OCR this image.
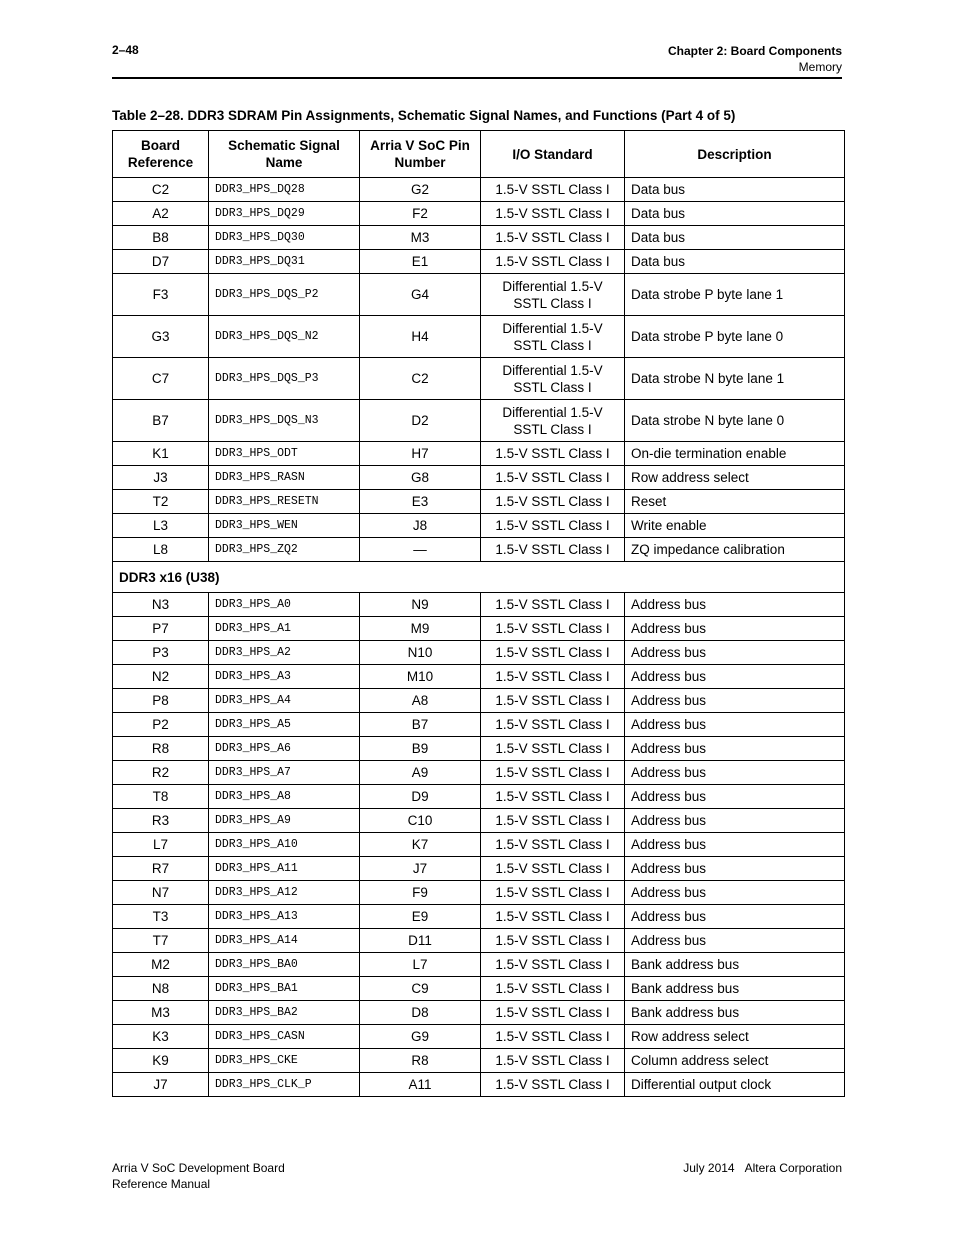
2–48	Chapter 2: Board Components
Memory
Table 2–28. DDR3 SDRAM Pin Assignments, Schematic Signal Names, and Functions (Part 4 of 5)
Board Reference	Schematic Signal Name	Arria V SoC Pin Number	I/O Standard	Description
C2	DDR3_HPS_DQ28	G2	1.5-V SSTL Class I	Data bus
A2	DDR3_HPS_DQ29	F2	1.5-V SSTL Class I	Data bus
B8	DDR3_HPS_DQ30	M3	1.5-V SSTL Class I	Data bus
D7	DDR3_HPS_DQ31	E1	1.5-V SSTL Class I	Data bus
F3	DDR3_HPS_DQS_P2	G4	Differential 1.5-V SSTL Class I	Data strobe P byte lane 1
G3	DDR3_HPS_DQS_N2	H4	Differential 1.5-V SSTL Class I	Data strobe P byte lane 0
C7	DDR3_HPS_DQS_P3	C2	Differential 1.5-V SSTL Class I	Data strobe N byte lane 1
B7	DDR3_HPS_DQS_N3	D2	Differential 1.5-V SSTL Class I	Data strobe N byte lane 0
K1	DDR3_HPS_ODT	H7	1.5-V SSTL Class I	On-die termination enable
J3	DDR3_HPS_RASN	G8	1.5-V SSTL Class I	Row address select
T2	DDR3_HPS_RESETN	E3	1.5-V SSTL Class I	Reset
L3	DDR3_HPS_WEN	J8	1.5-V SSTL Class I	Write enable
L8	DDR3_HPS_ZQ2	—	1.5-V SSTL Class I	ZQ impedance calibration
DDR3 x16 (U38)				
N3	DDR3_HPS_A0	N9	1.5-V SSTL Class I	Address bus
P7	DDR3_HPS_A1	M9	1.5-V SSTL Class I	Address bus
P3	DDR3_HPS_A2	N10	1.5-V SSTL Class I	Address bus
N2	DDR3_HPS_A3	M10	1.5-V SSTL Class I	Address bus
P8	DDR3_HPS_A4	A8	1.5-V SSTL Class I	Address bus
P2	DDR3_HPS_A5	B7	1.5-V SSTL Class I	Address bus
R8	DDR3_HPS_A6	B9	1.5-V SSTL Class I	Address bus
R2	DDR3_HPS_A7	A9	1.5-V SSTL Class I	Address bus
T8	DDR3_HPS_A8	D9	1.5-V SSTL Class I	Address bus
R3	DDR3_HPS_A9	C10	1.5-V SSTL Class I	Address bus
L7	DDR3_HPS_A10	K7	1.5-V SSTL Class I	Address bus
R7	DDR3_HPS_A11	J7	1.5-V SSTL Class I	Address bus
N7	DDR3_HPS_A12	F9	1.5-V SSTL Class I	Address bus
T3	DDR3_HPS_A13	E9	1.5-V SSTL Class I	Address bus
T7	DDR3_HPS_A14	D11	1.5-V SSTL Class I	Address bus
M2	DDR3_HPS_BA0	L7	1.5-V SSTL Class I	Bank address bus
N8	DDR3_HPS_BA1	C9	1.5-V SSTL Class I	Bank address bus
M3	DDR3_HPS_BA2	D8	1.5-V SSTL Class I	Bank address bus
K3	DDR3_HPS_CASN	G9	1.5-V SSTL Class I	Row address select
K9	DDR3_HPS_CKE	R8	1.5-V SSTL Class I	Column address select
J7	DDR3_HPS_CLK_P	A11	1.5-V SSTL Class I	Differential output clock
Arria V SoC Development Board
Reference Manual
July 2014 Altera Corporation
